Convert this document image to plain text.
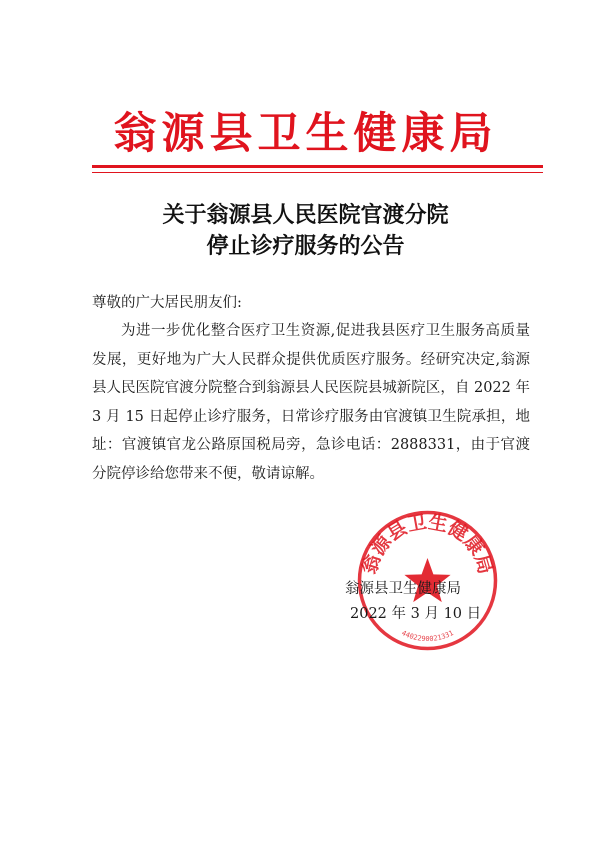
翁源县卫生健康局
关于翁源县人民医院官渡分院
停止诊疗服务的公告
尊敬的广大居民朋友们:

为进一步优化整合医疗卫生资源,促进我县医疗卫生服务高质量发展，更好地为广大人民群众提供优质医疗服务。经研究决定,翁源县人民医院官渡分院整合到翁源县人民医院县城新院区，自 2022 年 3 月 15 日起停止诊疗服务，日常诊疗服务由官渡镇卫生院承担，地址：官渡镇官龙公路原国税局旁，急诊电话：2888331，由于官渡分院停诊给您带来不便，敬请谅解。

翁源县卫生健康局
4402290021331
翁源县卫生健康局
2022 年 3 月 10 日
